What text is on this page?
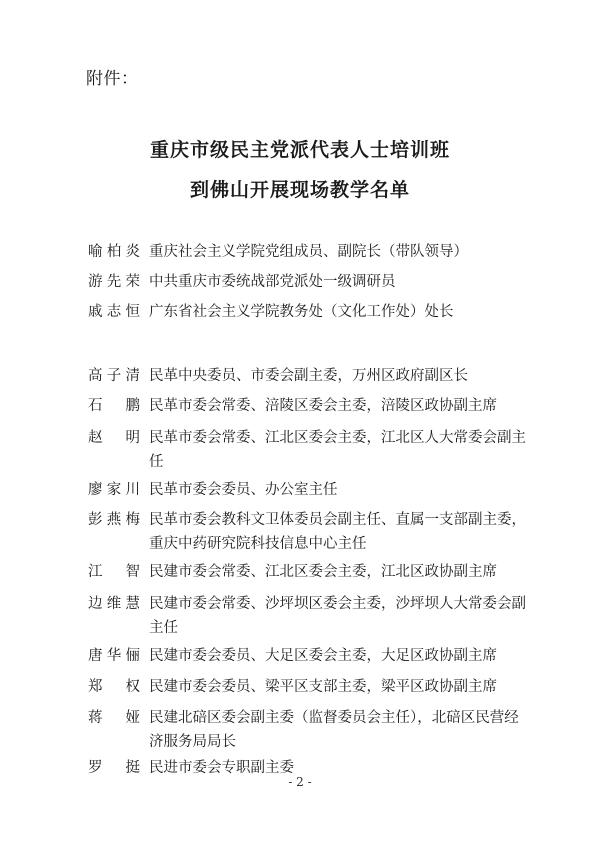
附件：
重庆市级民主党派代表人士培训班
到佛山开展现场教学名单
喻 柏 炎 重庆社会主义学院党组成员、副院长（带队领导）
游 先 荣 中共重庆市委统战部党派处一级调研员
戚 志 恒 广东省社会主义学院教务处（文化工作处）处长
高 子 清 民革中央委员、市委会副主委，万州区政府副区长
石 鹏 民革市委会常委、涪陵区委会主委，涪陵区政协副主席
赵 明 民革市委会常委、江北区委会主委，江北区人大常委会副主任
廖 家 川 民革市委会委员、办公室主任
彭 燕 梅 民革市委会教科文卫体委员会副主任、直属一支部副主委，重庆中药研究院科技信息中心主任
江 智 民建市委会常委、江北区委会主委，江北区政协副主席
边 维 慧 民建市委会常委、沙坪坝区委会主委，沙坪坝人大常委会副主任
唐 华 俪 民建市委会委员、大足区委会主委，大足区政协副主席
郑 权 民建市委会委员、梁平区支部主委，梁平区政协副主席
蒋 娅 民建北碚区委会副主委（监督委员会主任），北碚区民营经济服务局局长
罗 挺 民进市委会专职副主委
- 2 -
